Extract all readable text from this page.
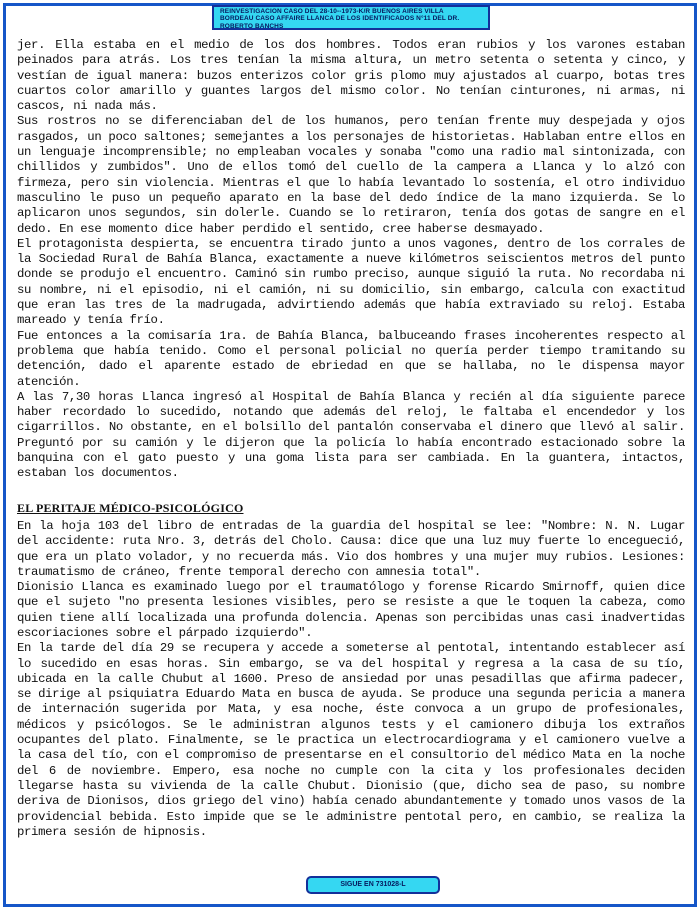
REINVESTIGACION CASO DEL 28-10--1973-K/R BUENOS AIRES VILLA
BORDEAU CASO AFFAIRE LLANCA DE LOS IDENTIFICADOS N°11 DEL DR.
ROBERTO BANCHS

jer. Ella estaba en el medio de los dos hombres. Todos eran rubios y los varones estaban peinados para atrás. Los tres tenían la misma altura, un metro setenta o setenta y cinco, y vestían de igual manera: buzos enterizos color gris plomo muy ajustados al cuarpo, botas tres cuartos color amarillo y guantes largos del mismo color. No tenían cinturones, ni armas, ni cascos, ni nada más.

Sus rostros no se diferenciaban del de los humanos, pero tenían frente muy despejada y ojos rasgados, un poco saltones; semejantes a los personajes de historietas. Hablaban entre ellos en un lenguaje incomprensible; no empleaban vocales y sonaba "como una radio mal sintonizada, con chillidos y zumbidos". Uno de ellos tomó del cuello de la campera a Llanca y lo alzó con firmeza, pero sin violencia. Mientras el que lo había levantado lo sostenía, el otro individuo masculino le puso un pequeño aparato en la base del dedo índice de la mano izquierda. Se lo aplicaron unos segundos, sin dolerle. Cuando se lo retiraron, tenía dos gotas de sangre en el dedo. En ese momento dice haber perdido el sentido, cree haberse desmayado.

El protagonista despierta, se encuentra tirado junto a unos vagones, dentro de los corrales de la Sociedad Rural de Bahía Blanca, exactamente a nueve kilómetros seiscientos metros del punto donde se produjo el encuentro. Caminó sin rumbo preciso, aunque siguió la ruta. No recordaba ni su nombre, ni el episodio, ni el camión, ni su domicilio, sin embargo, calcula con exactitud que eran las tres de la madrugada, advirtiendo además que había extraviado su reloj. Estaba mareado y tenía frío.

Fue entonces a la comisaría 1ra. de Bahía Blanca, balbuceando frases incoherentes respecto al problema que había tenido. Como el personal policial no quería perder tiempo tramitando su detención, dado el aparente estado de ebriedad en que se hallaba, no le dispensa mayor atención.

A las 7,30 horas Llanca ingresó al Hospital de Bahía Blanca y recién al día siguiente parece haber recordado lo sucedido, notando que además del reloj, le faltaba el encendedor y los cigarrillos. No obstante, en el bolsillo del pantalón conservaba el dinero que llevó al salir. Preguntó por su camión y le dijeron que la policía lo había encontrado estacionado sobre la banquina con el gato puesto y una goma lista para ser cambiada. En la guantera, intactos, estaban los documentos.

EL PERITAJE MÉDICO-PSICOLÓGICO

En la hoja 103 del libro de entradas de la guardia del hospital se lee: "Nombre: N. N. Lugar del accidente: ruta Nro. 3, detrás del Cholo. Causa: dice que una luz muy fuerte lo encegueció, que era un plato volador, y no recuerda más. Vio dos hombres y una mujer muy rubios. Lesiones: traumatismo de cráneo, frente temporal derecho con amnesia total".

Dionisio Llanca es examinado luego por el traumatólogo y forense Ricardo Smirnoff, quien dice que el sujeto "no presenta lesiones visibles, pero se resiste a que le toquen la cabeza, como quien tiene allí localizada una profunda dolencia. Apenas son percibidas unas casi inadvertidas escoriaciones sobre el párpado izquierdo".

En la tarde del día 29 se recupera y accede a someterse al pentotal, intentando establecer así lo sucedido en esas horas. Sin embargo, se va del hospital y regresa a la casa de su tío, ubicada en la calle Chubut al 1600. Preso de ansiedad por unas pesadillas que afirma padecer, se dirige al psiquiatra Eduardo Mata en busca de ayuda. Se produce una segunda pericia a manera de internación sugerida por Mata, y esa noche, éste convoca a un grupo de profesionales, médicos y psicólogos. Se le administran algunos tests y el camionero dibuja los extraños ocupantes del plato. Finalmente, se le practica un electrocardiograma y el camionero vuelve a la casa del tío, con el compromiso de presentarse en el consultorio del médico Mata en la noche del 6 de noviembre. Empero, esa noche no cumple con la cita y los profesionales deciden llegarse hasta su vivienda de la calle Chubut. Dionisio (que, dicho sea de paso, su nombre deriva de Dionisos, dios griego del vino) había cenado abundantemente y tomado unos vasos de la providencial bebida. Esto impide que se le administre pentotal pero, en cambio, se realiza la primera sesión de hipnosis.

SIGUE EN 731028-L
